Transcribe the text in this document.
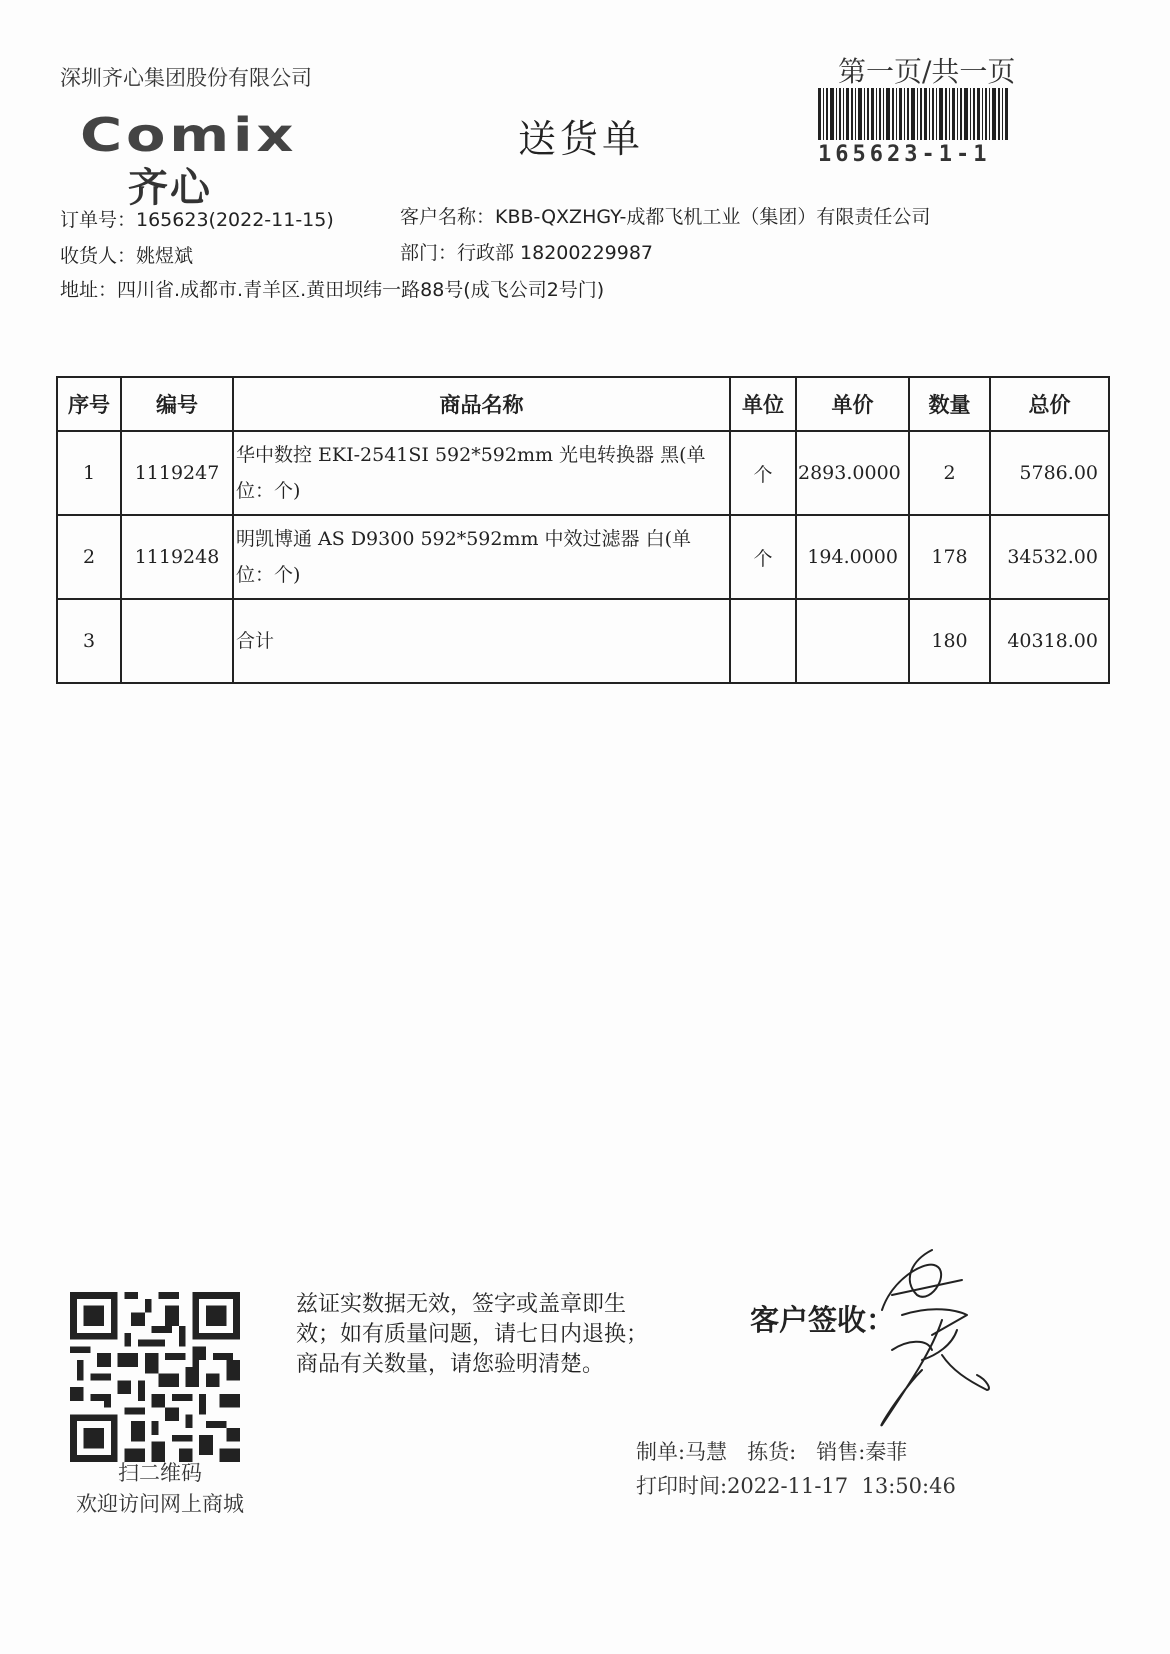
深圳齐心集团股份有限公司
Comix
齐心
送货单
第一页/共一页
165623-1-1
订单号：165623(2022-11-15)	客户名称：KBB-QXZHGY-成都飞机工业（集团）有限责任公司
收货人：姚煜斌	部门：行政部 18200229987
地址：四川省.成都市.青羊区.黄田坝纬一路88号(成飞公司2号门)
序号	编号	商品名称	单位	单价	数量	总价
1	1119247	华中数控 EKI-2541SI 592*592mm 光电转换器 黑(单位：个)	个	2893.0000	2	5786.00
2	1119248	明凯博通 AS D9300 592*592mm 中效过滤器 白(单位：个)	个	194.0000	178	34532.00
3		合计			180	40318.00
扫二维码
欢迎访问网上商城
兹证实数据无效，签字或盖章即生
效；如有质量问题，请七日内退换；
商品有关数量，请您验明清楚。
客户签收：
制单:马慧   拣货:   销售:秦菲
打印时间:2022-11-17  13:50:46
